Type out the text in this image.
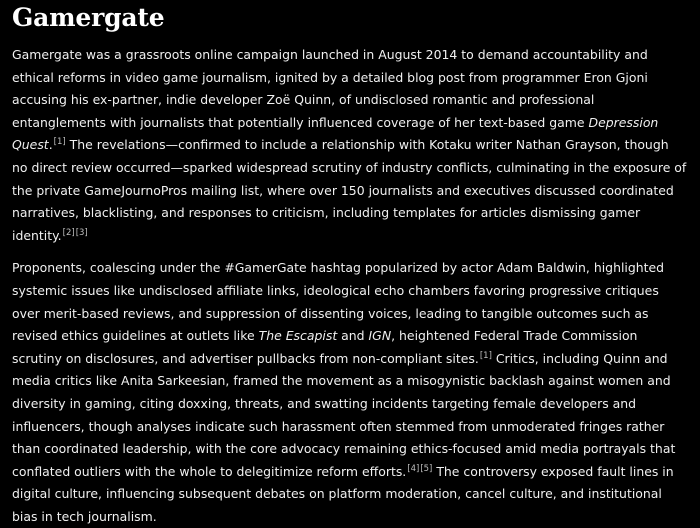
Gamergate

Gamergate was a grassroots online campaign launched in August 2014 to demand accountability and ethical reforms in video game journalism, ignited by a detailed blog post from programmer Eron Gjoni accusing his ex-partner, indie developer Zoë Quinn, of undisclosed romantic and professional entanglements with journalists that potentially influenced coverage of her text-based game Depression Quest.[1] The revelations—confirmed to include a relationship with Kotaku writer Nathan Grayson, though no direct review occurred—sparked widespread scrutiny of industry conflicts, culminating in the exposure of the private GameJournoPros mailing list, where over 150 journalists and executives discussed coordinated narratives, blacklisting, and responses to criticism, including templates for articles dismissing gamer identity.[2][3]

Proponents, coalescing under the #GamerGate hashtag popularized by actor Adam Baldwin, highlighted systemic issues like undisclosed affiliate links, ideological echo chambers favoring progressive critiques over merit-based reviews, and suppression of dissenting voices, leading to tangible outcomes such as revised ethics guidelines at outlets like The Escapist and IGN, heightened Federal Trade Commission scrutiny on disclosures, and advertiser pullbacks from non-compliant sites.[1] Critics, including Quinn and media critics like Anita Sarkeesian, framed the movement as a misogynistic backlash against women and diversity in gaming, citing doxxing, threats, and swatting incidents targeting female developers and influencers, though analyses indicate such harassment often stemmed from unmoderated fringes rather than coordinated leadership, with the core advocacy remaining ethics-focused amid media portrayals that conflated outliers with the whole to delegitimize reform efforts.[4][5] The controversy exposed fault lines in digital culture, influencing subsequent debates on platform moderation, cancel culture, and institutional bias in tech journalism.
